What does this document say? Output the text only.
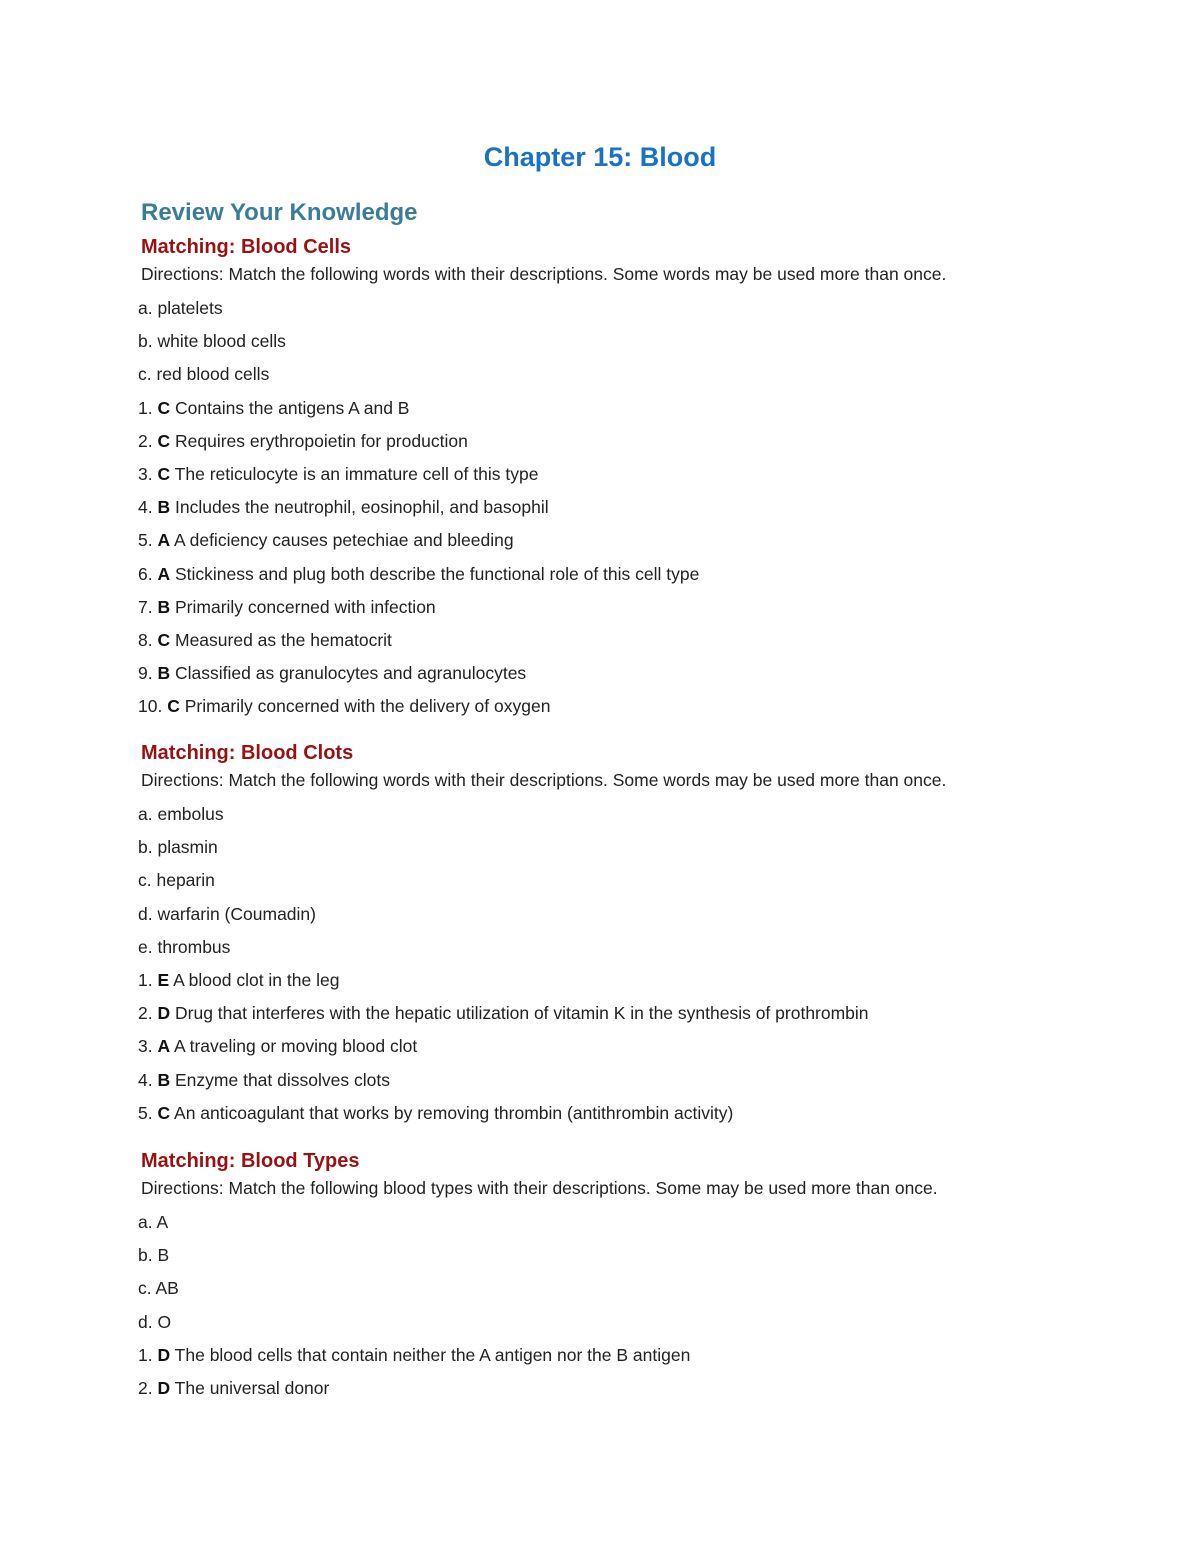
Chapter 15: Blood
Review Your Knowledge
Matching: Blood Cells

Directions: Match the following words with their descriptions. Some words may be used more than once.

a. platelets

b. white blood cells

c. red blood cells

1. C Contains the antigens A and B

2. C Requires erythropoietin for production

3. C The reticulocyte is an immature cell of this type

4. B Includes the neutrophil, eosinophil, and basophil

5. A A deficiency causes petechiae and bleeding

6. A Stickiness and plug both describe the functional role of this cell type

7. B Primarily concerned with infection

8. C Measured as the hematocrit

9. B Classified as granulocytes and agranulocytes

10. C Primarily concerned with the delivery of oxygen

Matching: Blood Clots

Directions: Match the following words with their descriptions. Some words may be used more than once.

a. embolus

b. plasmin

c. heparin

d. warfarin (Coumadin)

e. thrombus

1. E A blood clot in the leg

2. D Drug that interferes with the hepatic utilization of vitamin K in the synthesis of prothrombin

3. A A traveling or moving blood clot

4. B Enzyme that dissolves clots

5. C An anticoagulant that works by removing thrombin (antithrombin activity)

Matching: Blood Types

Directions: Match the following blood types with their descriptions. Some may be used more than once.

a. A

b. B

c. AB

d. O

1. D The blood cells that contain neither the A antigen nor the B antigen

2. D The universal donor
